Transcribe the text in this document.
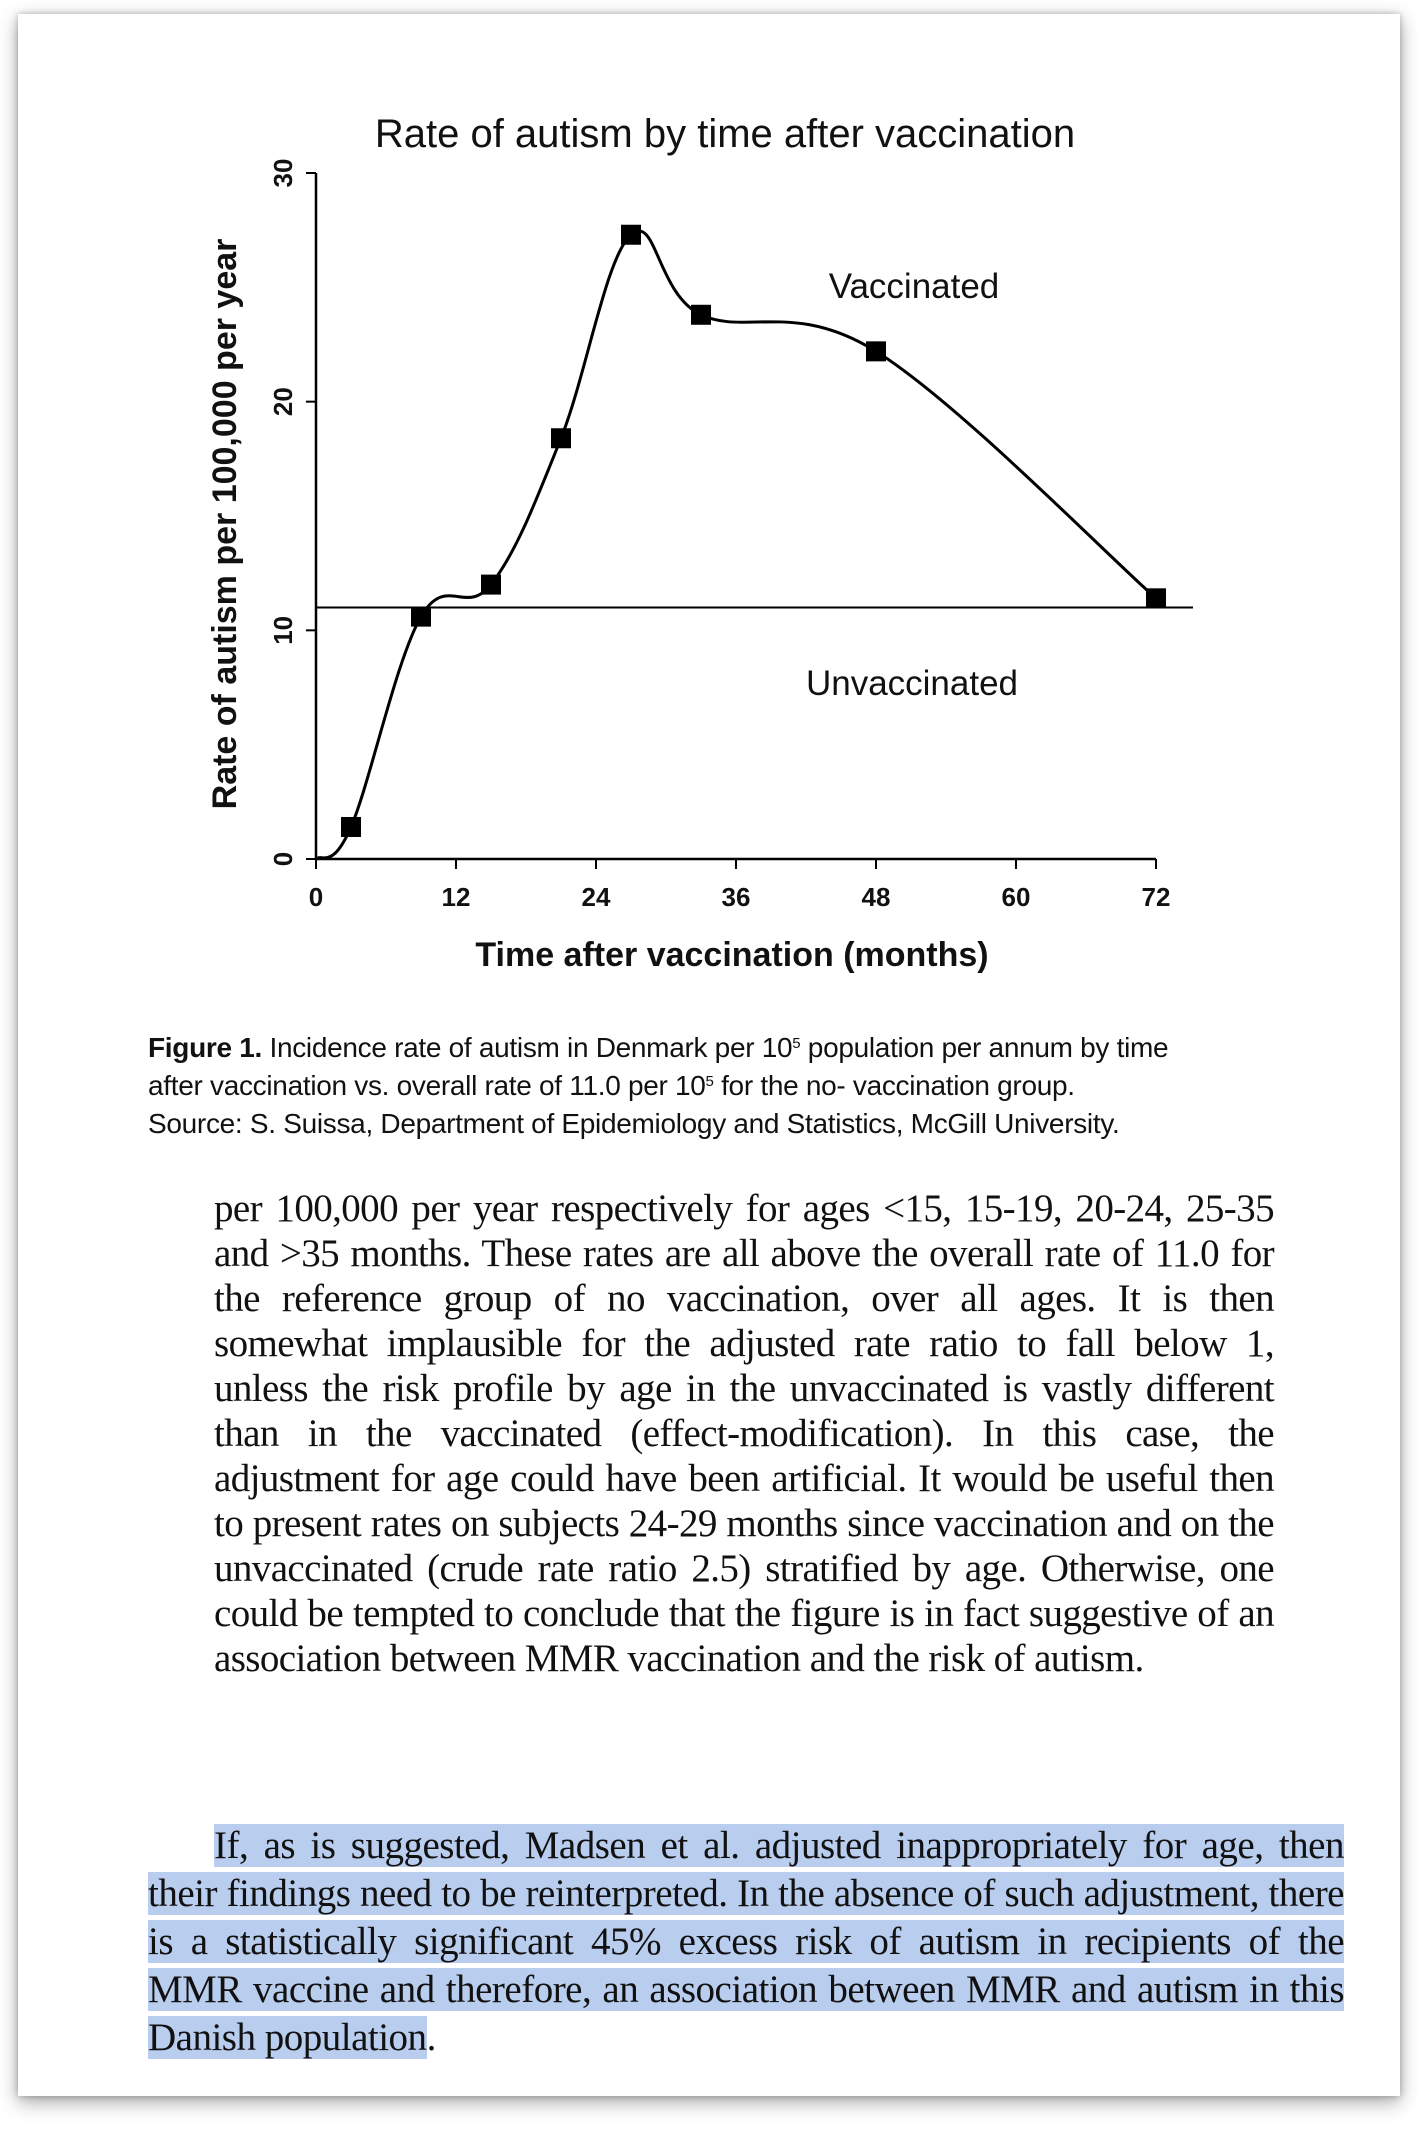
Rate of autism by time after vaccination
0	12	24	36	48	60	72
0
10
20
30
Vaccinated
Unvaccinated
Time after vaccination (months)
Rate of autism per 100,000 per year
Figure 1. Incidence rate of autism in Denmark per $10^5$ population per annum by time
after vaccination vs. overall rate of 11.0 per $10^5$ for the no- vaccination group.
Source: S. Suissa, Department of Epidemiology and Statistics, McGill University.
per 100,000 per year respectively for ages <15, 15-19, 20-24, 25-35 and >35 months. These rates are all above the overall rate of 11.0 for the reference group of no vaccination, over all ages. It is then somewhat implausible for the adjusted rate ratio to fall below 1, unless the risk profile by age in the unvaccinated is vastly different than in the vaccinated (effect-modification). In this case, the adjustment for age could have been artificial. It would be useful then to present rates on subjects 24-29 months since vaccination and on the unvaccinated (crude rate ratio 2.5) stratified by age. Otherwise, one could be tempted to conclude that the figure is in fact suggestive of an association between MMR vaccination and the risk of autism.
If, as is suggested, Madsen et al. adjusted inappropriately for age, then their findings need to be reinterpreted. In the absence of such adjustment, there is a statistically significant 45% excess risk of autism in recipients of the MMR vaccine and therefore, an association between MMR and autism in this Danish population.
